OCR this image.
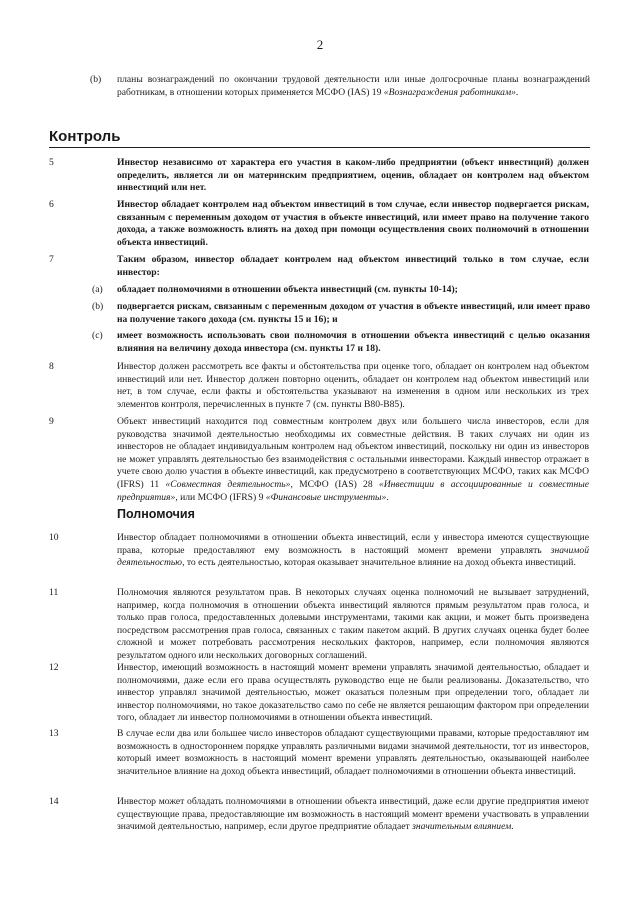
2
(b) планы вознаграждений по окончании трудовой деятельности или иные долгосрочные планы вознаграждений работникам, в отношении которых применяется МСФО (IAS) 19 «Вознаграждения работникам».
Контроль
5	Инвестор независимо от характера его участия в каком-либо предприятии (объект инвестиций) должен определить, является ли он материнским предприятием, оценив, обладает он контролем над объектом инвестиций или нет.
6	Инвестор обладает контролем над объектом инвестиций в том случае, если инвестор подвергается рискам, связанным с переменным доходом от участия в объекте инвестиций, или имеет право на получение такого дохода, а также возможность влиять на доход при помощи осуществления своих полномочий в отношении объекта инвестиций.
7	Таким образом, инвестор обладает контролем над объектом инвестиций только в том случае, если инвестор:
(a) обладает полномочиями в отношении объекта инвестиций (см. пункты 10-14);
(b) подвергается рискам, связанным с переменным доходом от участия в объекте инвестиций, или имеет право на получение такого дохода (см. пункты 15 и 16); и
(c) имеет возможность использовать свои полномочия в отношении объекта инвестиций с целью оказания влияния на величину дохода инвестора (см. пункты 17 и 18).
8	Инвестор должен рассмотреть все факты и обстоятельства при оценке того, обладает он контролем над объектом инвестиций или нет. Инвестор должен повторно оценить, обладает он контролем над объектом инвестиций или нет, в том случае, если факты и обстоятельства указывают на изменения в одном или нескольких из трех элементов контроля, перечисленных в пункте 7 (см. пункты B80-B85).
9	Объект инвестиций находится под совместным контролем двух или большего числа инвесторов, если для руководства значимой деятельностью необходимы их совместные действия. В таких случаях ни один из инвесторов не обладает индивидуальным контролем над объектом инвестиций, поскольку ни один из инвесторов не может управлять деятельностью без взаимодействия с остальными инвесторами. Каждый инвестор отражает в учете свою долю участия в объекте инвестиций, как предусмотрено в соответствующих МСФО, таких как МСФО (IFRS) 11 «Совместная деятельность», МСФО (IAS) 28 «Инвестиции в ассоциированные и совместные предприятия», или МСФО (IFRS) 9 «Финансовые инструменты».
Полномочия
10	Инвестор обладает полномочиями в отношении объекта инвестиций, если у инвестора имеются существующие права, которые предоставляют ему возможность в настоящий момент времени управлять значимой деятельностью, то есть деятельностью, которая оказывает значительное влияние на доход объекта инвестиций.
11	Полномочия являются результатом прав. В некоторых случаях оценка полномочий не вызывает затруднений, например, когда полномочия в отношении объекта инвестиций являются прямым результатом прав голоса, и только прав голоса, предоставленных долевыми инструментами, такими как акции, и может быть произведена посредством рассмотрения прав голоса, связанных с таким пакетом акций. В других случаях оценка будет более сложной и может потребовать рассмотрения нескольких факторов, например, если полномочия являются результатом одного или нескольких договорных соглашений.
12	Инвестор, имеющий возможность в настоящий момент времени управлять значимой деятельностью, обладает и полномочиями, даже если его права осуществлять руководство еще не были реализованы. Доказательство, что инвестор управлял значимой деятельностью, может оказаться полезным при определении того, обладает ли инвестор полномочиями, но такое доказательство само по себе не является решающим фактором при определении того, обладает ли инвестор полномочиями в отношении объекта инвестиций.
13	В случае если два или большее число инвесторов обладают существующими правами, которые предоставляют им возможность в одностороннем порядке управлять различными видами значимой деятельности, тот из инвесторов, который имеет возможность в настоящий момент времени управлять деятельностью, оказывающей наиболее значительное влияние на доход объекта инвестиций, обладает полномочиями в отношении объекта инвестиций.
14	Инвестор может обладать полномочиями в отношении объекта инвестиций, даже если другие предприятия имеют существующие права, предоставляющие им возможность в настоящий момент времени участвовать в управлении значимой деятельностью, например, если другое предприятие обладает значительным влиянием.
